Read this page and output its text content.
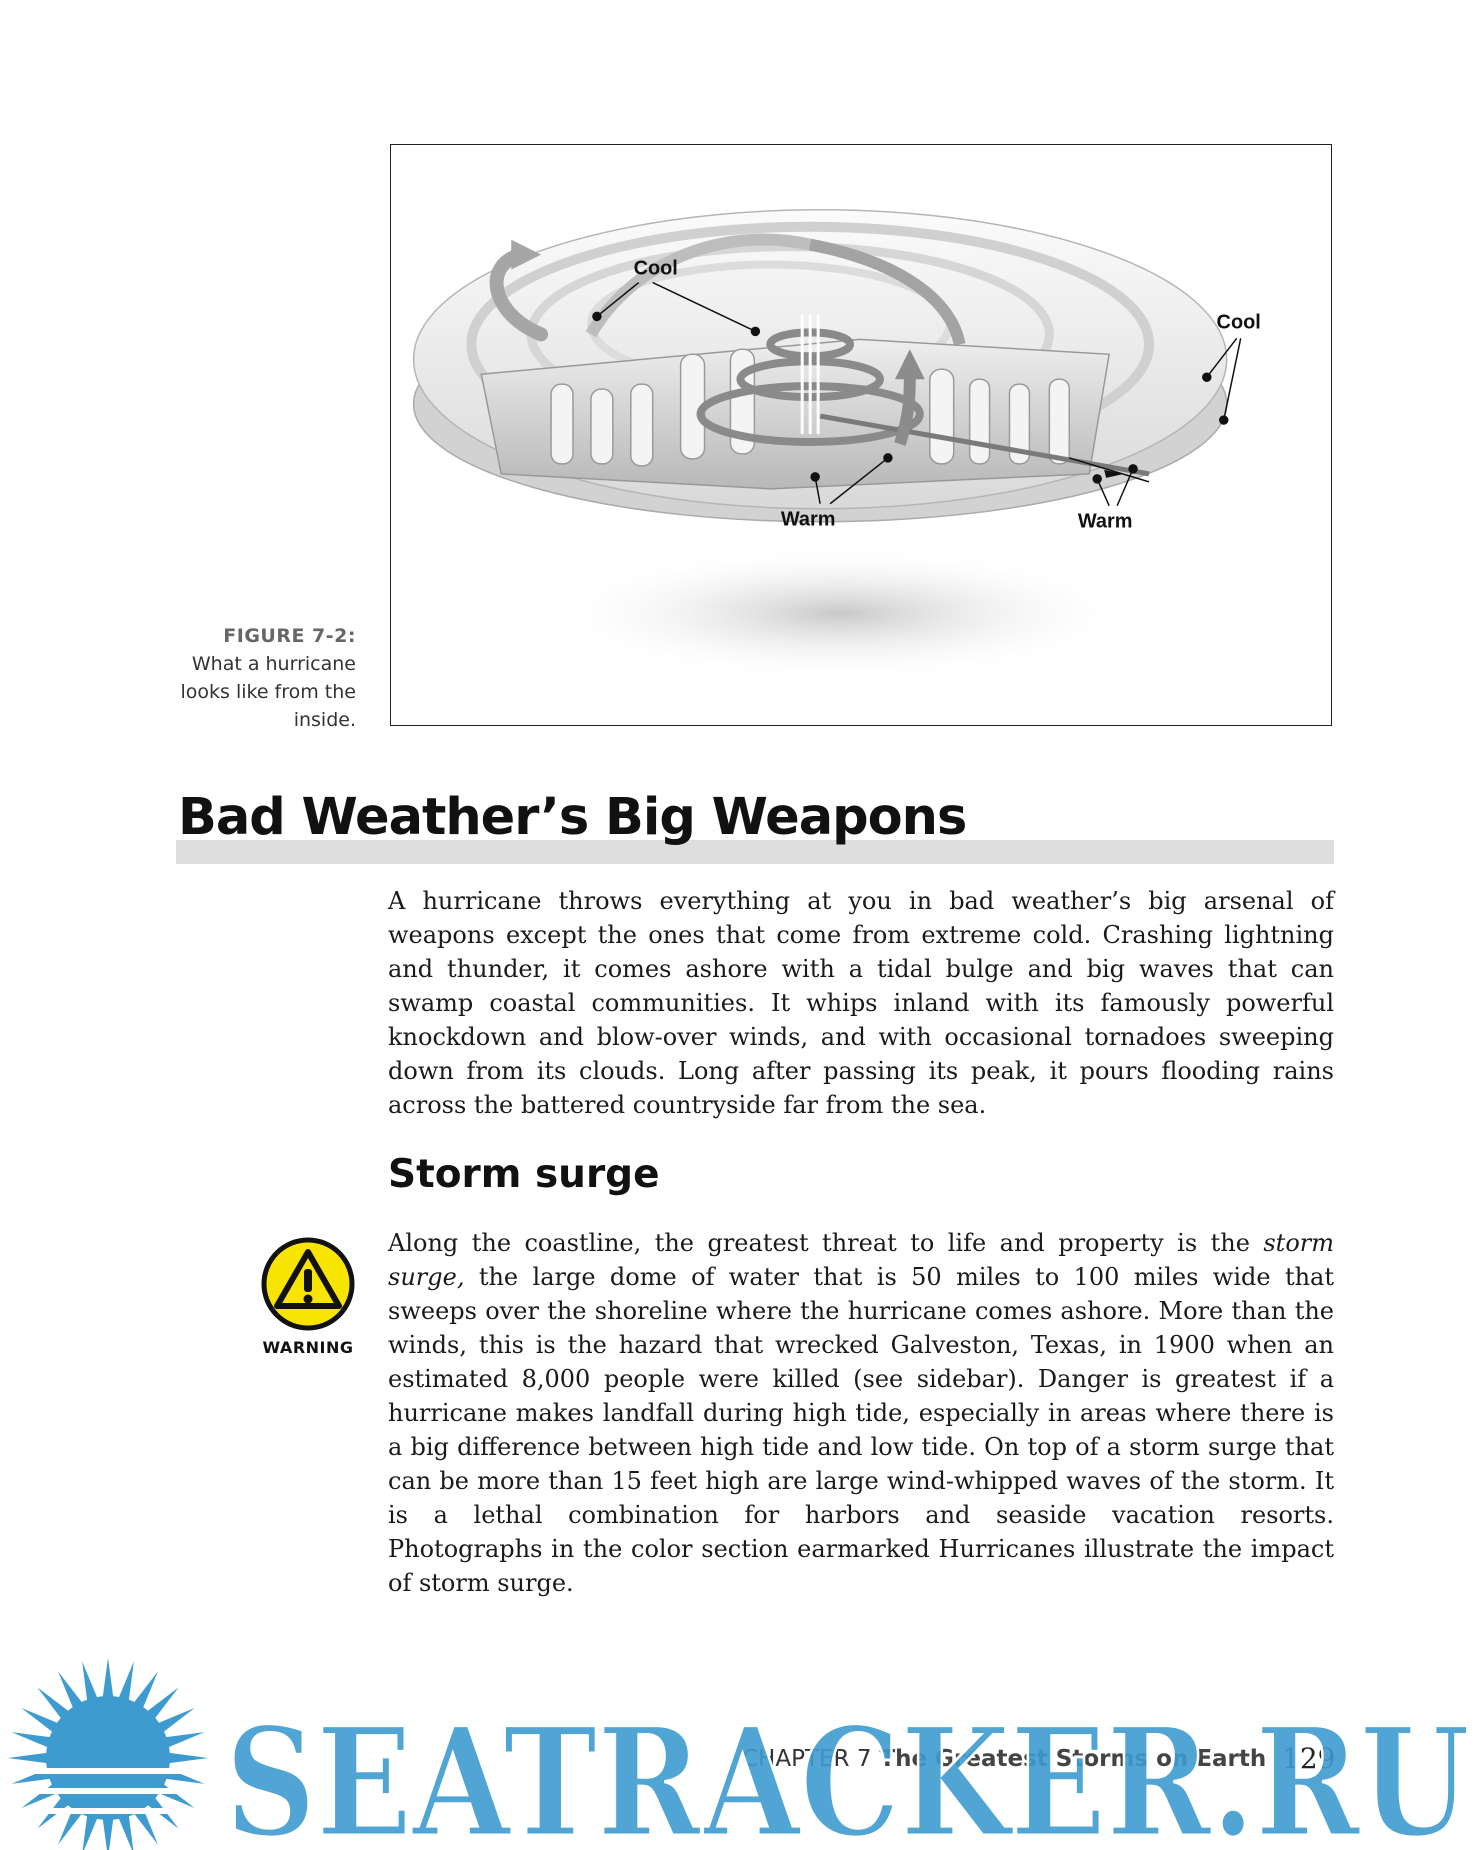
Cool
Cool
Warm	Warm
FIGURE 7-2:
What a hurricane looks like from the inside.
Bad Weather’s Big Weapons

A hurricane throws everything at you in bad weather’s big arsenal of weapons except the ones that come from extreme cold. Crashing lightning and thunder, it comes ashore with a tidal bulge and big waves that can swamp coastal communities. It whips inland with its famously powerful knockdown and blow-over winds, and with occasional tornadoes sweeping down from its clouds. Long after passing its peak, it pours flooding rains across the battered countryside far from the sea.

Storm surge
WARNING

Along the coastline, the greatest threat to life and property is the storm surge, the large dome of water that is 50 miles to 100 miles wide that sweeps over the shoreline where the hurricane comes ashore. More than the winds, this is the hazard that wrecked Galveston, Texas, in 1900 when an estimated 8,000 people were killed (see sidebar). Danger is greatest if a hurricane makes landfall during high tide, especially in areas where there is a big difference between high tide and low tide. On top of a storm surge that can be more than 15 feet high are large wind-whipped waves of the storm. It is a lethal combination for harbors and seaside vacation resorts. Photographs in the color section earmarked Hurricanes illustrate the impact of storm surge.

CHAPTER 7 The Greatest Storms on Earth 129
SEATRACKER.RU
